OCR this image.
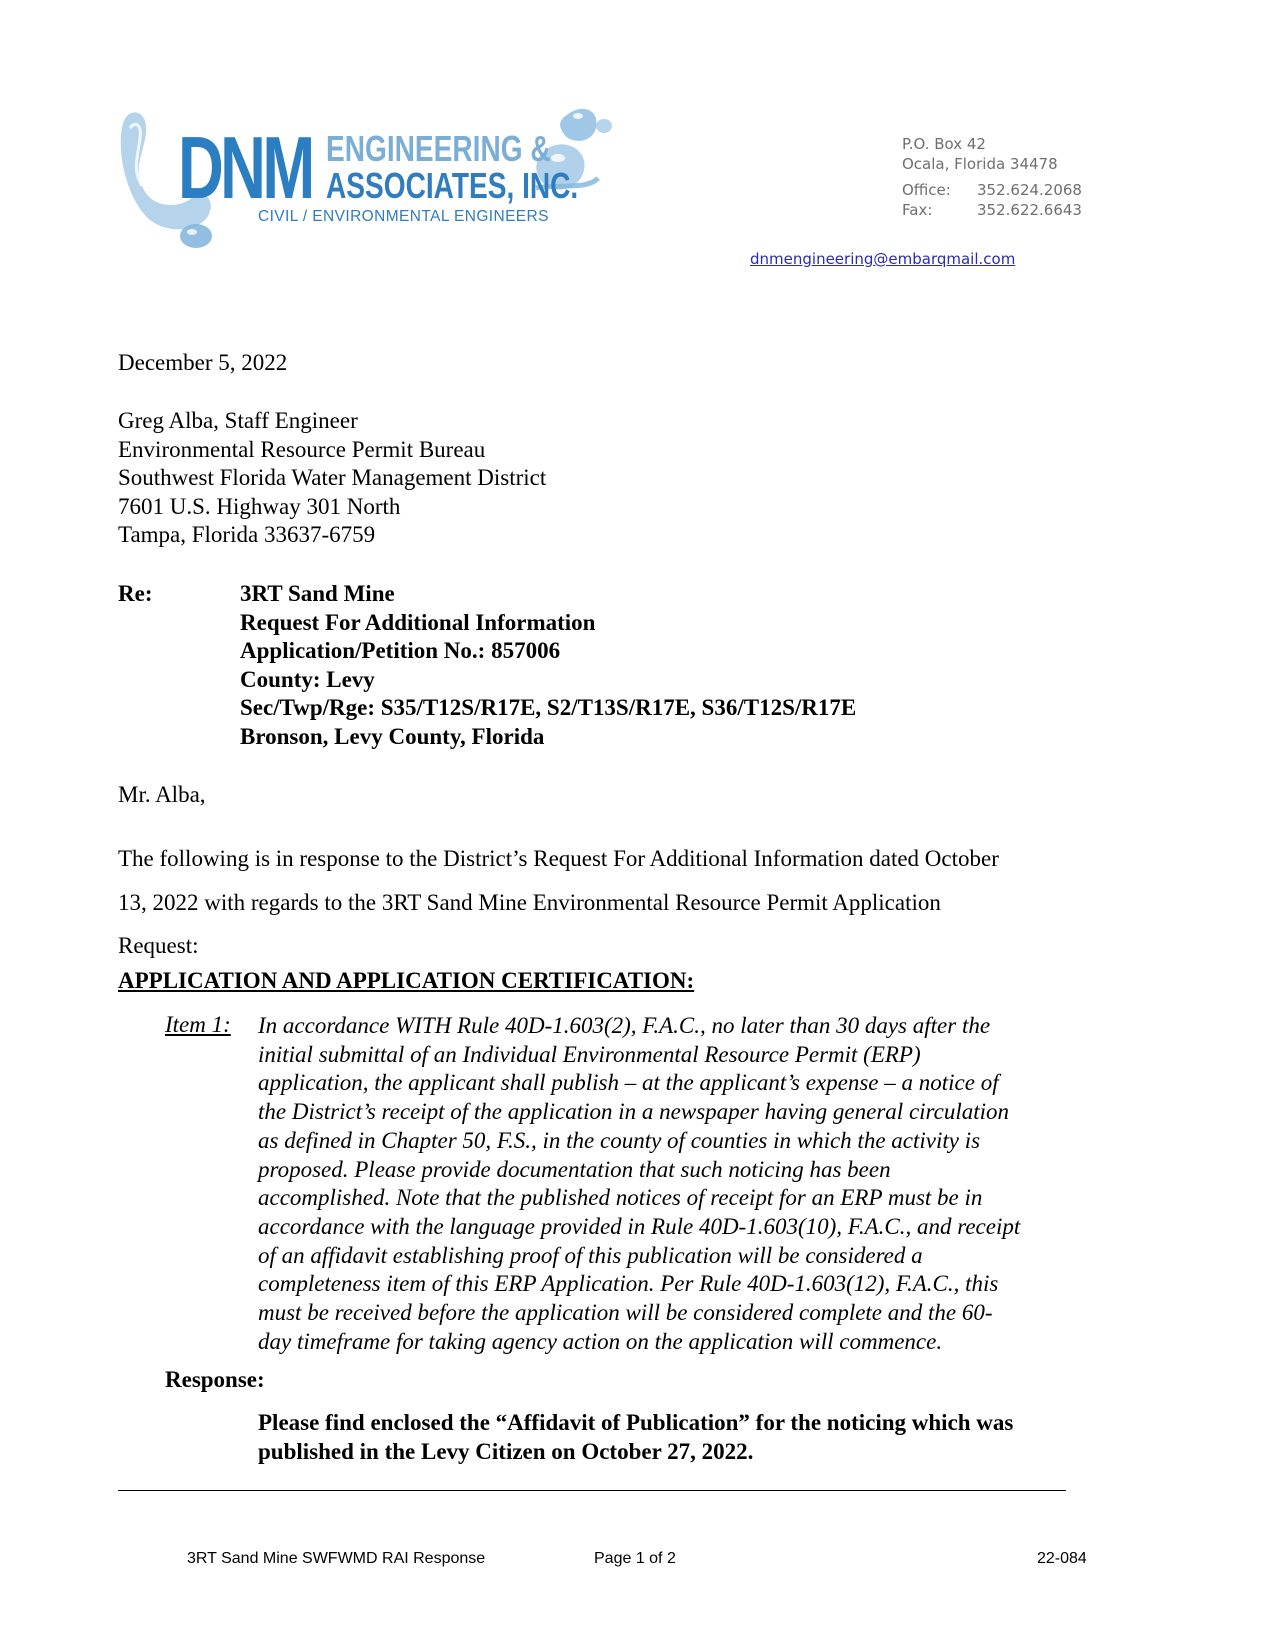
DNM ENGINEERING &
ASSOCIATES, INC.
CIVIL / ENVIRONMENTAL ENGINEERS
P.O. Box 42
Ocala, Florida 34478
Office:	352.624.2068
Fax:	352.622.6643
dnmengineering@embarqmail.com
December 5, 2022
Greg Alba, Staff Engineer
Environmental Resource Permit Bureau
Southwest Florida Water Management District
7601 U.S. Highway 301 North
Tampa, Florida 33637-6759
Re:	3RT Sand Mine
Request For Additional Information
Application/Petition No.: 857006
County: Levy
Sec/Twp/Rge: S35/T12S/R17E, S2/T13S/R17E, S36/T12S/R17E
Bronson, Levy County, Florida
Mr. Alba,
The following is in response to the District’s Request For Additional Information dated October
13, 2022 with regards to the 3RT Sand Mine Environmental Resource Permit Application
Request:
APPLICATION AND APPLICATION CERTIFICATION:
Item 1: In accordance WITH Rule 40D-1.603(2), F.A.C., no later than 30 days after the
initial submittal of an Individual Environmental Resource Permit (ERP)
application, the applicant shall publish – at the applicant’s expense – a notice of
the District’s receipt of the application in a newspaper having general circulation
as defined in Chapter 50, F.S., in the county of counties in which the activity is
proposed. Please provide documentation that such noticing has been
accomplished. Note that the published notices of receipt for an ERP must be in
accordance with the language provided in Rule 40D-1.603(10), F.A.C., and receipt
of an affidavit establishing proof of this publication will be considered a
completeness item of this ERP Application. Per Rule 40D-1.603(12), F.A.C., this
must be received before the application will be considered complete and the 60-
day timeframe for taking agency action on the application will commence.
Response:
Please find enclosed the “Affidavit of Publication” for the noticing which was
published in the Levy Citizen on October 27, 2022.
3RT Sand Mine SWFWMD RAI Response	Page 1 of 2	22-084
